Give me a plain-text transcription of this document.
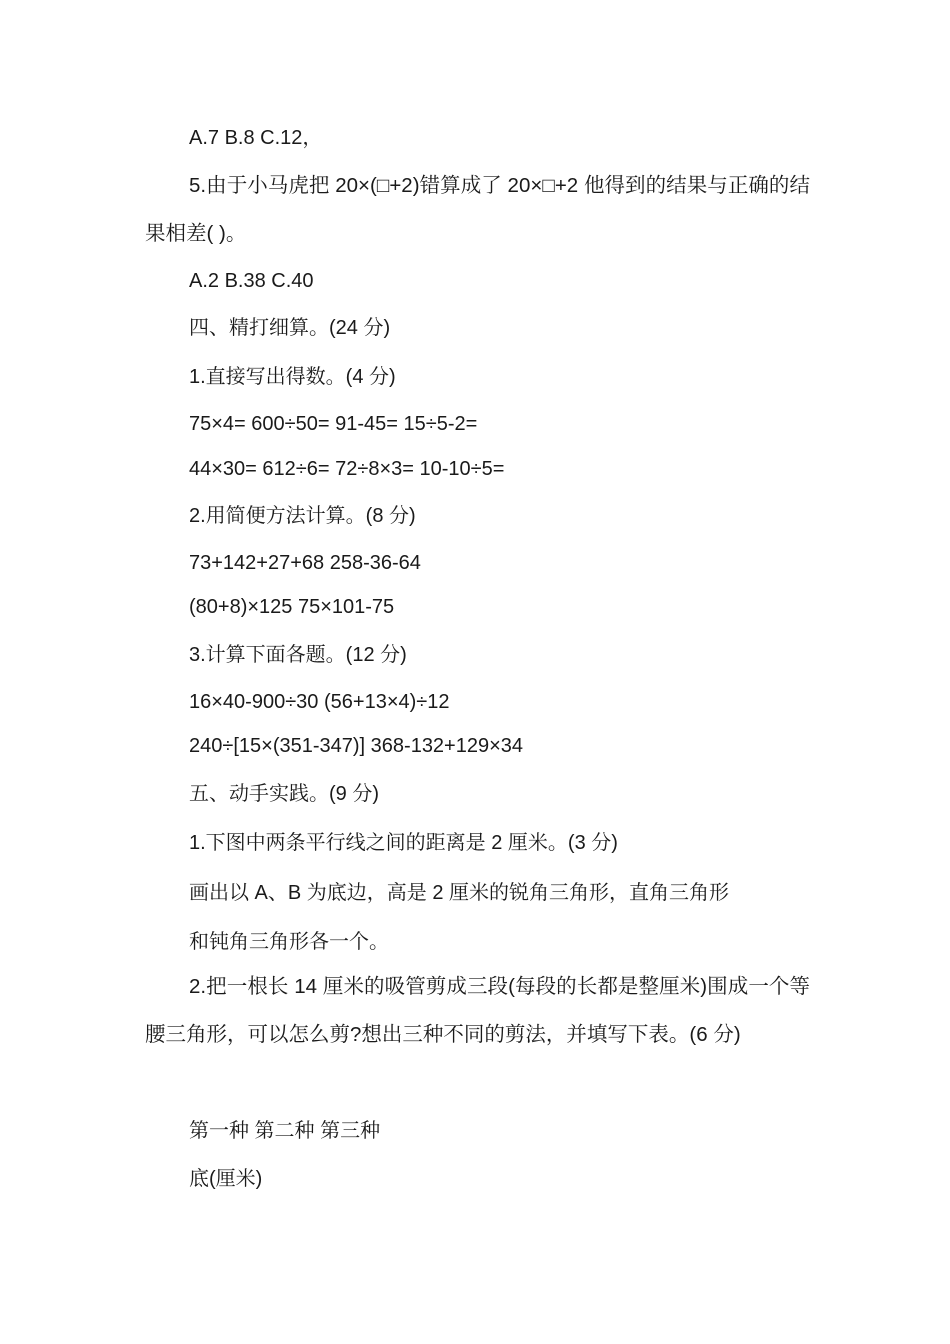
A.7 B.8 C.12，
5.由于小马虎把 20×(□+2)错算成了 20×□+2 他得到的结果与正确的结果相差( )。
A.2 B.38 C.40
四、精打细算。(24 分)
1.直接写出得数。(4 分)
75×4= 600÷50= 91-45= 15÷5-2=
44×30= 612÷6= 72÷8×3= 10-10÷5=
2.用简便方法计算。(8 分)
73+142+27+68 258-36-64
(80+8)×125 75×101-75
3.计算下面各题。(12 分)
16×40-900÷30 (56+13×4)÷12
240÷[15×(351-347)] 368-132+129×34
五、动手实践。(9 分)
1.下图中两条平行线之间的距离是 2 厘米。(3 分)
画出以 A、B 为底边，高是 2 厘米的锐角三角形，直角三角形
和钝角三角形各一个。
2.把一根长 14 厘米的吸管剪成三段(每段的长都是整厘米)围成一个等腰三角形，可以怎么剪?想出三种不同的剪法，并填写下表。(6 分)
第一种 第二种 第三种
底(厘米)
